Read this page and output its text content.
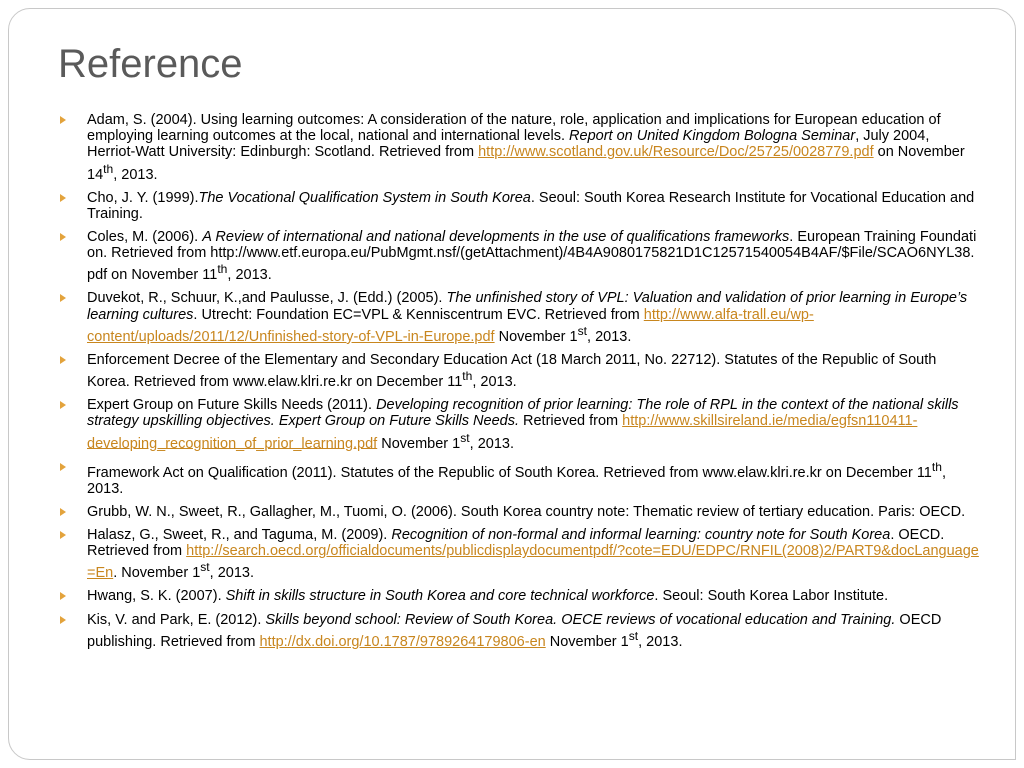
Reference
Adam, S. (2004). Using learning outcomes: A consideration of the nature, role, application and implications for European education of employing learning outcomes at the local, national and international levels. Report on United Kingdom Bologna Seminar, July 2004, Herriot-Watt University: Edinburgh: Scotland. Retrieved from http://www.scotland.gov.uk/Resource/Doc/25725/0028779.pdf on November 14th, 2013.
Cho, J. Y. (1999).The Vocational Qualification System in South Korea. Seoul: South Korea Research Institute for Vocational Education and Training.
Coles, M. (2006). A Review of international and national developments in the use of qualifications frameworks. European Training Foundation. Retrieved from http://www.etf.europa.eu/PubMgmt.nsf/(getAttachment)/4B4A9080175821D1C12571540054B4AF/$File/SCAO6NYL38.pdf on November 11th, 2013.
Duvekot, R., Schuur, K.,and Paulusse, J. (Edd.) (2005). The unfinished story of VPL: Valuation and validation of prior learning in Europe’s learning cultures. Utrecht: Foundation EC=VPL & Kenniscentrum EVC. Retrieved from http://www.alfa-trall.eu/wp-content/uploads/2011/12/Unfinished-story-of-VPL-in-Europe.pdf November 1st, 2013.
Enforcement Decree of the Elementary and Secondary Education Act (18 March 2011, No. 22712). Statutes of the Republic of South Korea. Retrieved from www.elaw.klri.re.kr on December 11th, 2013.
Expert Group on Future Skills Needs (2011). Developing recognition of prior learning: The role of RPL in the context of the national skills strategy upskilling objectives. Expert Group on Future Skills Needs. Retrieved from http://www.skillsireland.ie/media/egfsn110411-developing_recognition_of_prior_learning.pdf November 1st, 2013.
Framework Act on Qualification (2011). Statutes of the Republic of South Korea. Retrieved from www.elaw.klri.re.kr on December 11th, 2013.
Grubb, W. N., Sweet, R., Gallagher, M., Tuomi, O. (2006). South Korea country note: Thematic review of tertiary education. Paris: OECD.
Halasz, G., Sweet, R., and Taguma, M. (2009). Recognition of non-formal and informal learning: country note for South Korea. OECD. Retrieved from http://search.oecd.org/officialdocuments/publicdisplaydocumentpdf/?cote=EDU/EDPC/RNFIL(2008)2/PART9&docLanguage=En. November 1st, 2013.
Hwang, S. K. (2007). Shift in skills structure in South Korea and core technical workforce. Seoul: South Korea Labor Institute.
Kis, V. and Park, E. (2012). Skills beyond school: Review of South Korea. OECE reviews of vocational education and Training. OECD publishing. Retrieved from http://dx.doi.org/10.1787/9789264179806-en November 1st, 2013.
